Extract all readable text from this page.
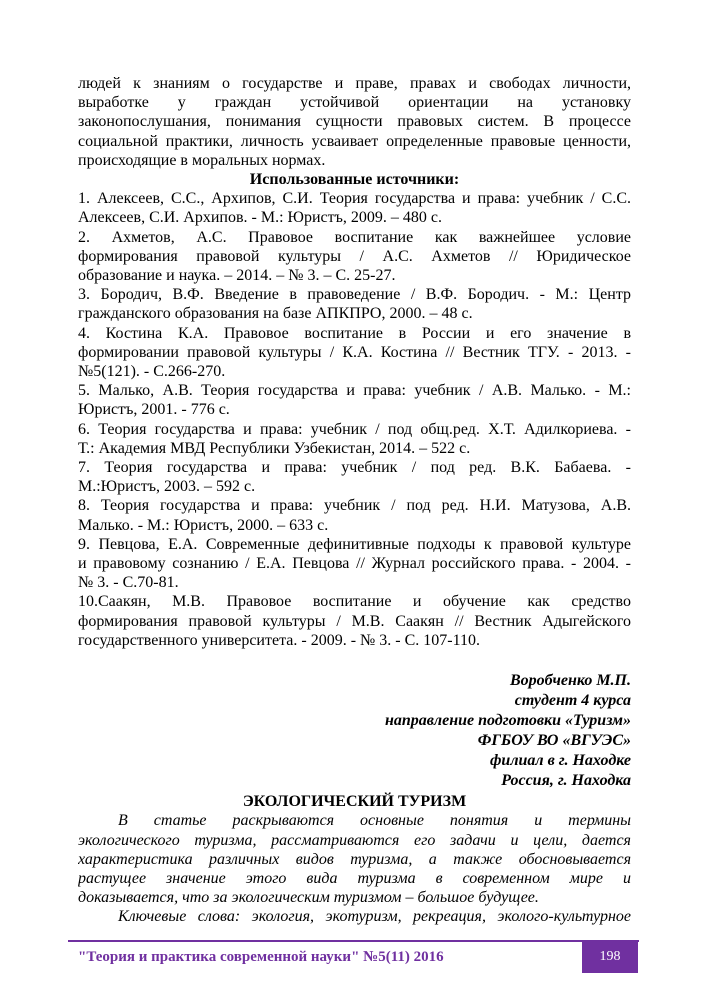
людей к знаниям о государстве и праве, правах и свободах личности,
выработке у граждан устойчивой ориентации на установку
законопослушания, понимания сущности правовых систем. В процессе
социальной практики, личность усваивает определенные правовые ценности,
происходящие в моральных нормах.
Использованные источники:
1. Алексеев, С.С., Архипов, С.И. Теория государства и права: учебник / С.С.
Алексеев, С.И. Архипов. - М.: Юристъ, 2009. – 480 с.
2. Ахметов, А.С. Правовое воспитание как важнейшее условие
формирования правовой культуры / А.С. Ахметов // Юридическое
образование и наука. – 2014. – № 3. – С. 25-27.
3. Бородич, В.Ф. Введение в правоведение / В.Ф. Бородич. - М.: Центр
гражданского образования на базе АПКПРО, 2000. – 48 с.
4. Костина К.А. Правовое воспитание в России и его значение в
формировании правовой культуры / К.А. Костина // Вестник ТГУ. - 2013. -
№5(121). - С.266-270.
5. Малько, А.В. Теория государства и права: учебник / А.В. Малько. - М.:
Юристъ, 2001. - 776 с.
6. Теория государства и права: учебник / под общ.ред. Х.Т. Адилкориева. -
Т.: Академия МВД Республики Узбекистан, 2014. – 522 с.
7. Теория государства и права: учебник / под ред. В.К. Бабаева. -
М.:Юристъ, 2003. – 592 с.
8. Теория государства и права: учебник / под ред. Н.И. Матузова, А.В.
Малько. - М.: Юристъ, 2000. – 633 с.
9. Певцова, Е.А. Современные дефинитивные подходы к правовой культуре
и правовому сознанию / Е.А. Певцова // Журнал российского права. - 2004. -
№ 3. - С.70-81.
10.Саакян, М.В. Правовое воспитание и обучение как средство
формирования правовой культуры / М.В. Саакян // Вестник Адыгейского
государственного университета. - 2009. - № 3. - С. 107-110.
Воробченко М.П.
студент 4 курса
направление подготовки «Туризм»
ФГБОУ ВО «ВГУЭС»
филиал в г. Находке
Россия, г. Находка
ЭКОЛОГИЧЕСКИЙ ТУРИЗМ
В статье раскрываются основные понятия и термины
экологического туризма, рассматриваются его задачи и цели, дается
характеристика различных видов туризма, а также обосновывается
растущее значение этого вида туризма в современном мире и
доказывается, что за экологическим туризмом – большое будущее.
Ключевые слова: экология, экотуризм, рекреация, эколого-культурное
"Теория и практика современной науки" №5(11) 2016	198
